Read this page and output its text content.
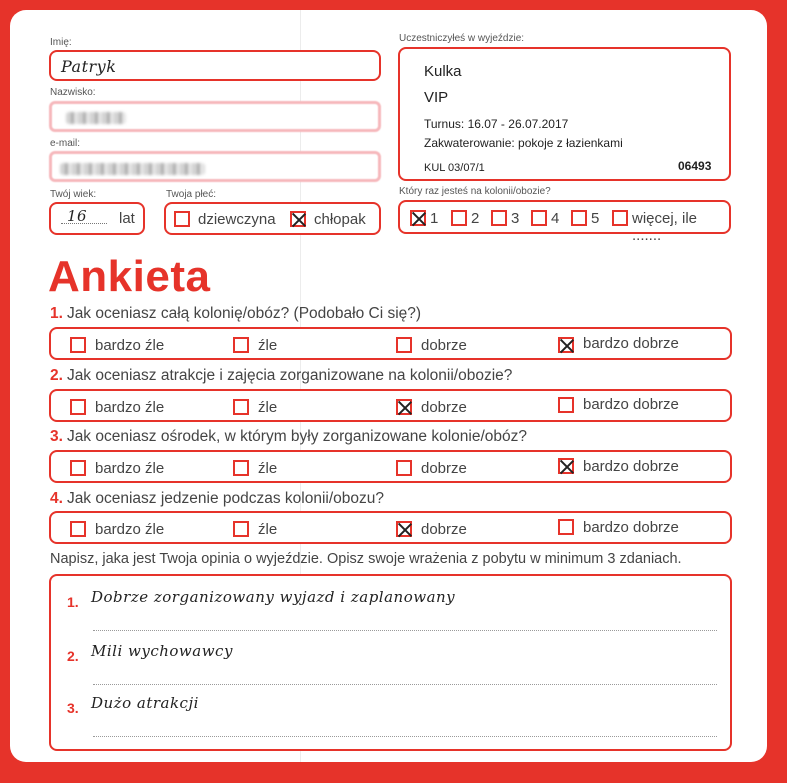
Imię:
Patryk
Nazwisko:
e-mail:
Twój wiek:
16 lat
Twoja płeć:
dziewczyna	chłopak
Uczestniczyłeś w wyjeździe:
Kulka
VIP
Turnus: 16.07 - 26.07.2017
Zakwaterowanie: pokoje z łazienkami
KUL 03/07/1	06493
Który raz jesteś na kolonii/obozie?
1 2 3 4 5 więcej, ile .......
Ankieta
1. Jak oceniasz całą kolonię/obóz? (Podobało Ci się?)
bardzo źle	źle	dobrze	bardzo dobrze
2. Jak oceniasz atrakcje i zajęcia zorganizowane na kolonii/obozie?
bardzo źle	źle	dobrze	bardzo dobrze
3. Jak oceniasz ośrodek, w którym były zorganizowane kolonie/obóz?
bardzo źle	źle	dobrze	bardzo dobrze
4. Jak oceniasz jedzenie podczas kolonii/obozu?
bardzo źle	źle	dobrze	bardzo dobrze
Napisz, jaka jest Twoja opinia o wyjeździe. Opisz swoje wrażenia z pobytu w minimum 3 zdaniach.
1. Dobrze zorganizowany wyjazd i zaplanowany
2. Mili wychowawcy
3. Dużo atrakcji
